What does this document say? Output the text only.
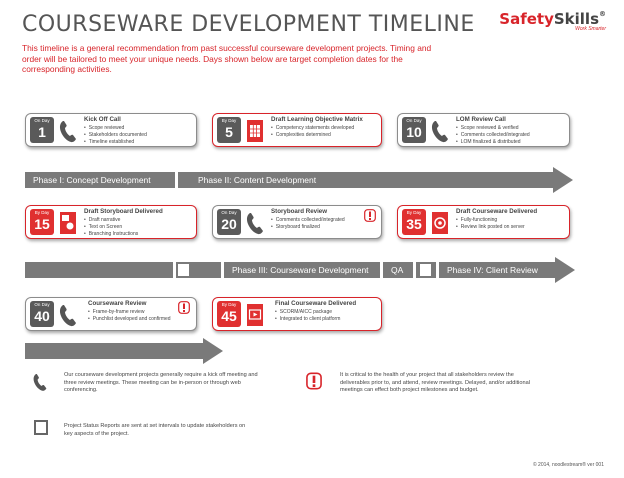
COURSEWARE DEVELOPMENT TIMELINE SafetySkills®
Work Smarter
This timeline is a general recommendation from past successful courseware development projects. Timing and order will be tailored to meet your unique needs. Days shown below are target completion dates for the corresponding activities.
On Day
1
Kick Off Call
• Scope reviewed
• Stakeholders documented
• Timeline established
By Day
5
Draft Learning Objective Matrix
• Competency statements developed
• Complexities determined
On Day
10
LOM Review Call
• Scope reviewed & verified
• Comments collected/integrated
• LOM finalized & distributed
Phase I: Concept Development	Phase II: Content Development
By Day
15
Draft Storyboard Delivered
• Draft narrative
• Text on Screen
• Branching Instructions
On Day
20
Storyboard Review
• Comments collected/integrated
• Storyboard finalized
By Day
35
Draft Courseware Delivered
• Fully-functioning
• Review link posted on server
Phase III: Courseware Development	QA	Phase IV: Client Review
On Day
40
Courseware Review
• Frame-by-frame review
• Punchlist developed and confirmed
By Day
45
Final Courseware Delivered
• SCORM/AICC package
• Integrated to client platform
Our courseware development projects generally require a kick off meeting and three review meetings. These meeting can be in-person or through web conferencing.
It is critical to the health of your project that all stakeholders review the deliverables prior to, and attend, review meetings. Delayed, and/or additional meetings can effect both project milestones and budget.
Project Status Reports are sent at set intervals to update stakeholders on key aspects of the project.
© 2014, noodlestream® ver 001
